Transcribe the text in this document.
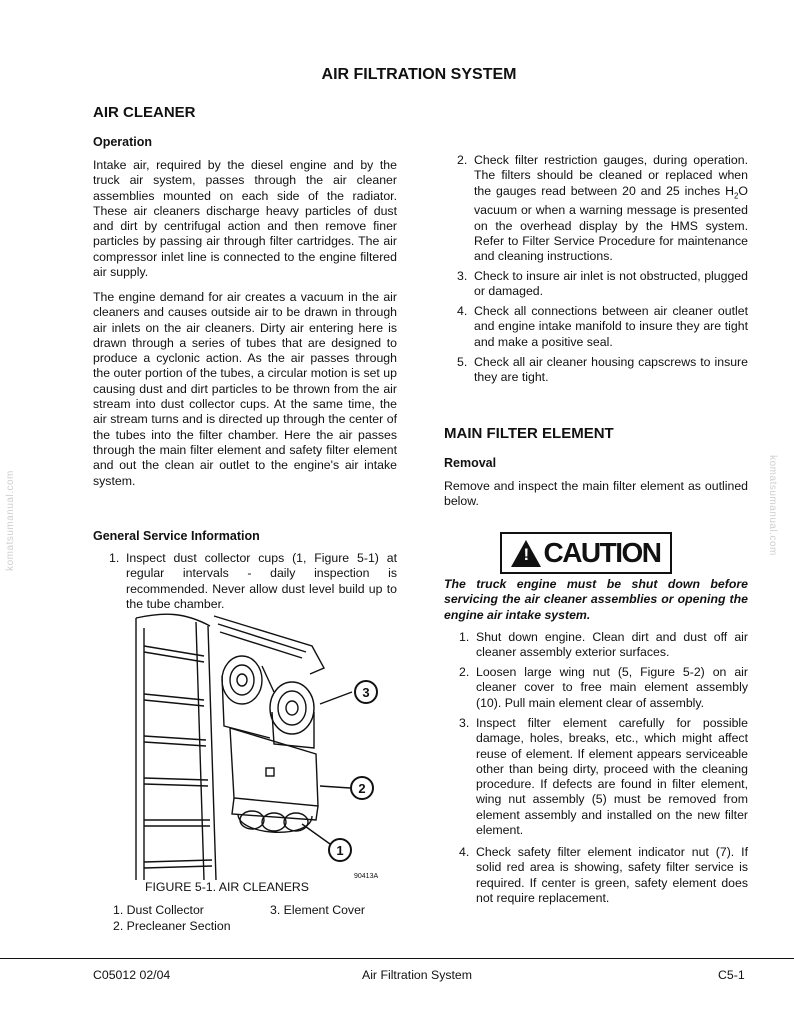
AIR FILTRATION SYSTEM
AIR CLEANER
Operation

Intake air, required by the diesel engine and by the truck air system, passes through the air cleaner assemblies mounted on each side of the radiator. These air cleaners discharge heavy particles of dust and dirt by centrifugal action and then remove finer particles by passing air through filter cartridges. The air compressor inlet line is connected to the engine filtered air supply.

The engine demand for air creates a vacuum in the air cleaners and causes outside air to be drawn in through air inlets on the air cleaners. Dirty air entering here is drawn through a series of tubes that are designed to produce a cyclonic action. As the air passes through the outer portion of the tubes, a circular motion is set up causing dust and dirt particles to be thrown from the air stream into dust collector cups. At the same time, the air stream turns and is directed up through the center of the tubes into the filter chamber. Here the air passes through the main filter element and safety filter element and out the clean air outlet to the engine's air intake system.

General Service Information
1. Inspect dust collector cups (1, Figure 5-1) at regular intervals - daily inspection is recommended. Never allow dust level build up to the tube chamber.
3
2
1
90413A
FIGURE 5-1. AIR CLEANERS
1. Dust Collector	3. Element Cover
2. Precleaner Section
2. Check filter restriction gauges, during operation. The filters should be cleaned or replaced when the gauges read between 20 and 25 inches $H_2O$ vacuum or when a warning message is presented on the overhead display by the HMS system. Refer to Filter Service Procedure for maintenance and cleaning instructions.
3. Check to insure air inlet is not obstructed, plugged or damaged.
4. Check all connections between air cleaner outlet and engine intake manifold to insure they are tight and make a positive seal.
5. Check all air cleaner housing capscrews to insure they are tight.
MAIN FILTER ELEMENT
Removal

Remove and inspect the main filter element as outlined below.

! CAUTION
The truck engine must be shut down before servicing the air cleaner assemblies or opening the engine air intake system.
1. Shut down engine. Clean dirt and dust off air cleaner assembly exterior surfaces.
2. Loosen large wing nut (5, Figure 5-2) on air cleaner cover to free main element assembly (10). Pull main element clear of assembly.
3. Inspect filter element carefully for possible damage, holes, breaks, etc., which might affect reuse of element. If element appears serviceable other than being dirty, proceed with the cleaning procedure. If defects are found in filter element, wing nut assembly (5) must be removed from element assembly and installed on the new filter element.
4. Check safety filter element indicator nut (7). If solid red area is showing, safety filter service is required. If center is green, safety element does not require replacement.
komatsumanual.com	komatsumanual.com
C05012 02/04	Air Filtration System	C5-1
